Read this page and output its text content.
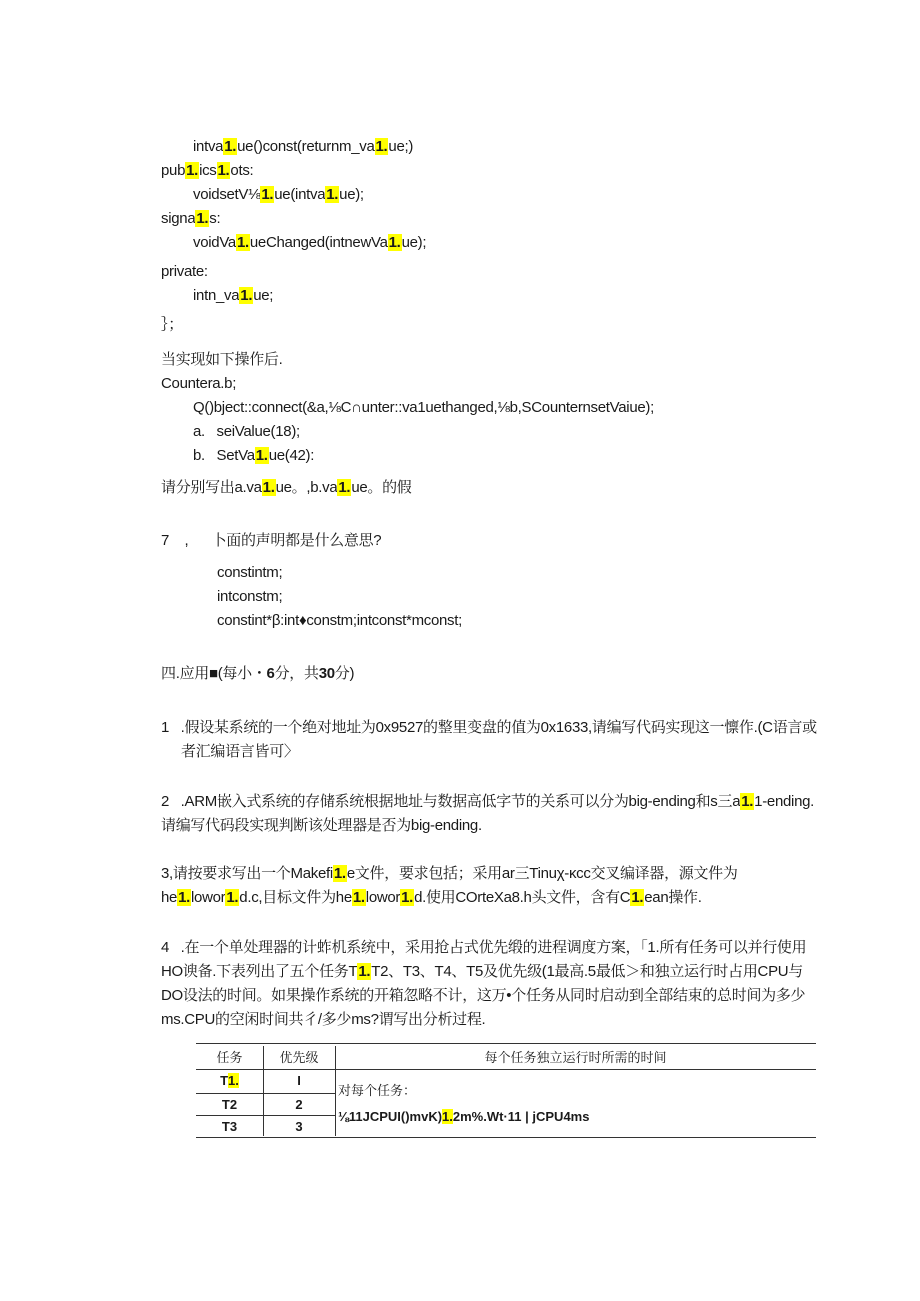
intva1.ue()const(returnm_va1.ue;)
pub1.ics1.ots:
voidsetV⅛1.ue(intva1.ue);
signa1.s:
voidVa1.ueChanged(intnewVa1.ue);
private:
intn_va1.ue;
｝；
当实现如下操作后.
Countera.b;
Q()bject::connect(&a,⅛C∩unter::va1uethanged,⅛b,SCounternsetVaiue);
a.   seiValue(18);
b.   SetVa1.ue(42):
请分别写出a.va1.ue。,b.va1.ue。的假
7    ,      卜面的声明都是什么意思?
constintm;
intconstm;
constint*β:int♦constm;intconst*mconst;
四.应用■(每小・6分，共30分)
1   .假设某系统的一个绝对地址为0x9527的整里变盘的值为0x1633,请编写代码实现这一懔作.(C语言或
者汇编语言皆可〉
2   .ARM嵌入式系统的存储系统根据地址与数据高低字节的关系可以分为big-ending和s三a1.1-ending.
请编写代码段实现判断该处理器是否为big-ending.
3,请按要求写出一个Makefi1.e文件，要求包括；采用ar三Tinuχ-κcc交叉编译器，源文件为
he1.lowor1.d.c,目标文件为he1.lowor1.d.使用COrteXa8.h头文件，含有C1.ean操作.
4   .在一个单处理器的计蚱机系统中，采用抢占式优先缎的进程调度方案，「1.所有任务可以并行使用
HO谀备.下表列出了五个任务T1.T2、T3、T4、T5及优先级(1最高.5最低＞和独立运行时占用CPU与
DO设法的时间。如果操作系统的开箱忽略不计，这万•个任务从同时启动到全部结束的总时间为多少
ms.CPU的空闲时间共彳/多少ms?谓写出分析过程.
任务	优先级	每个任务独立运行时所需的时间
T1.	I
T2	2
T3	3
对每个任务：
⅛11JCPUI()mvK)1.2m%.Wt·11 | jCPU4ms
